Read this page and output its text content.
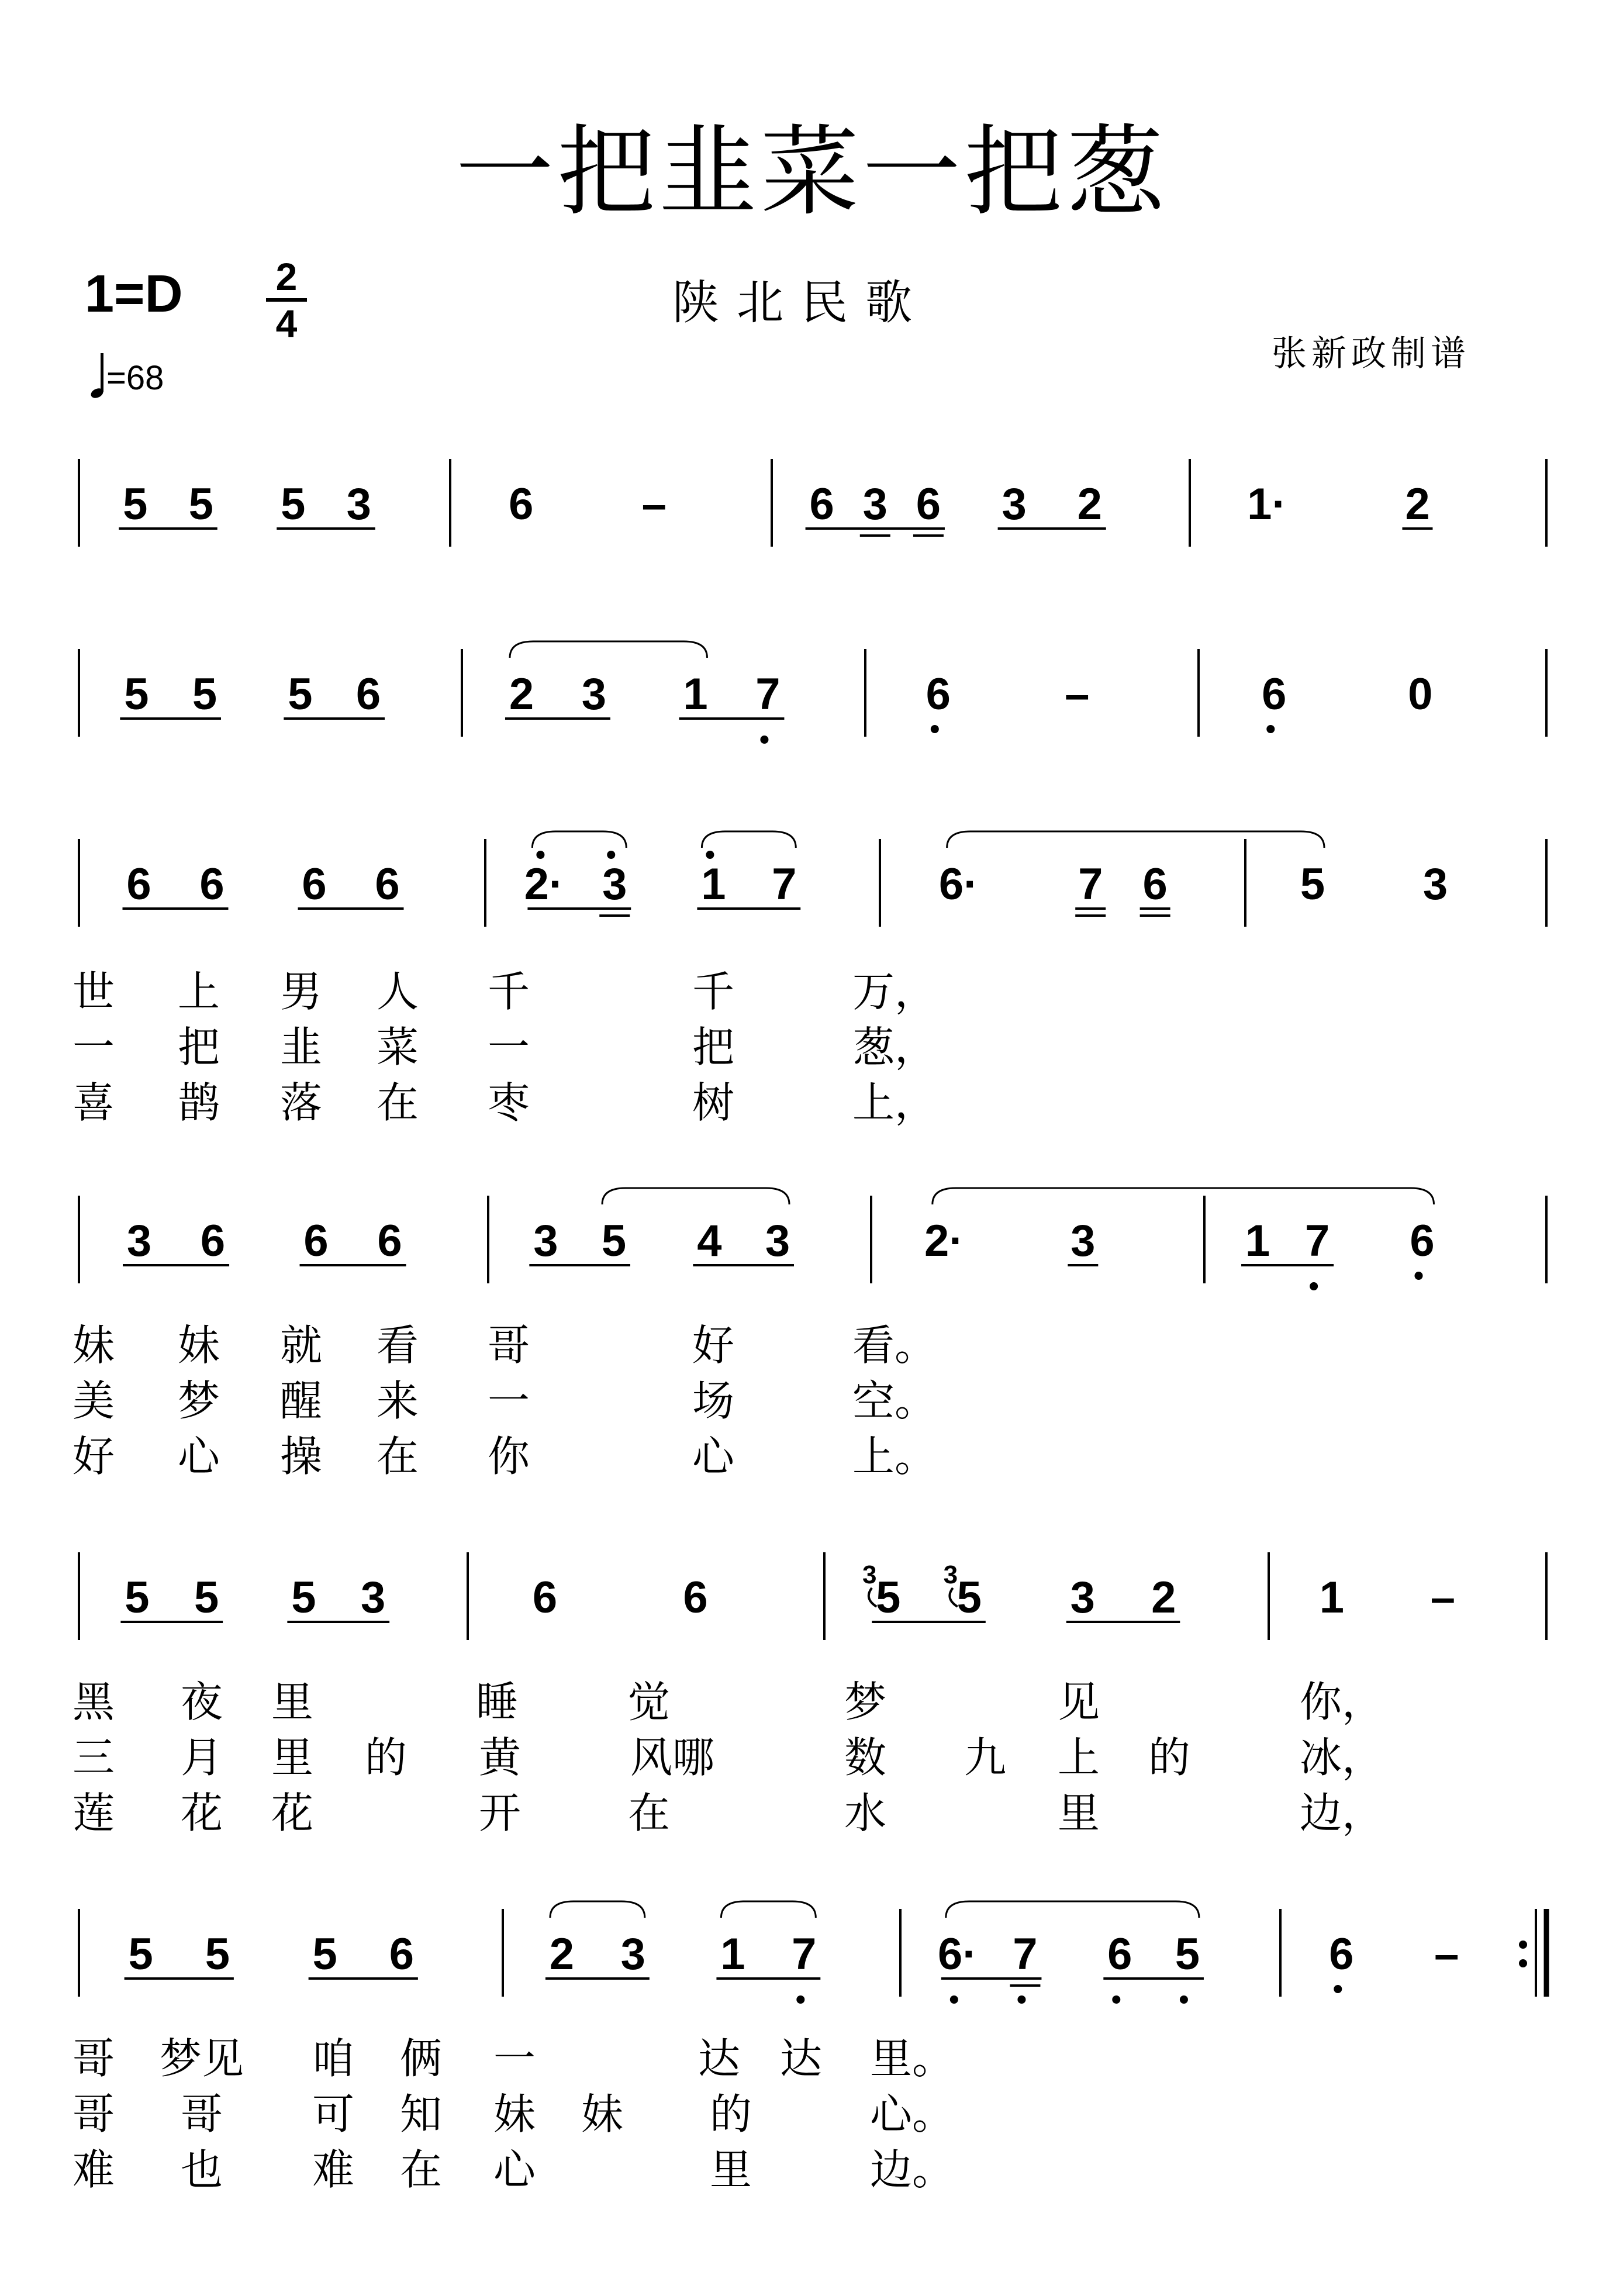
一把韭菜一把葱
1=D 2
4
=68
陕北民歌
张新政制谱
5 5 5 3	6 –	6 3 6 3 2	1·	2
5 5 5 6	2 3 1 7	6	–	6	0
6 6 6 6	2· 3 1 7	6· 7 6	5 3
3 6 6 6	3 5 4 3	2· 3	1 7 6
5 5 5 3	6	6	5
3 5
3	3 2	1 –
5 5 5 6	2 3 1 7	6· 7 6 5	6 –
世 上 男 人 千	千	万，
一 把 韭 菜 一	把	葱，
喜 鹊 落 在 枣	树	上，
妹 妹 就 看 哥	好	看。
美 梦 醒 来 一	场	空。
好 心 操 在 你	心	上。
黑 夜 里	睡	觉	梦	见	你，
三 月 里 的 黄	风哪	数 九 上 的	冰，
莲 花 花	开	在	水	里	边，
哥 梦见 咱 俩 一	达 达 里。
哥 哥 可 知 妹 妹 的	心。
难 也 难 在 心	里	边。
